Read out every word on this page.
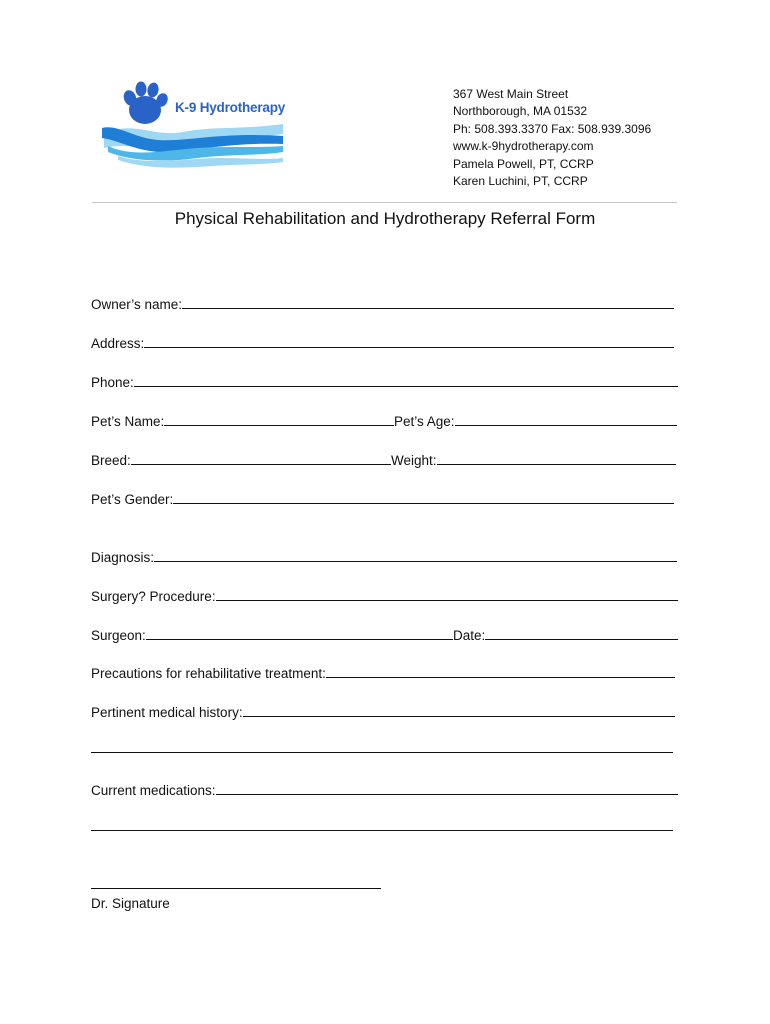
K-9 Hydrotherapy
367 West Main Street
Northborough, MA 01532
Ph: 508.393.3370 Fax: 508.939.3096
www.k-9hydrotherapy.com
Pamela Powell, PT, CCRP
Karen Luchini, PT, CCRP
Physical Rehabilitation and Hydrotherapy Referral Form
Owner’s name:
Address:
Phone:
Pet’s Name:	Pet’s Age:
Breed:	Weight:
Pet’s Gender:
Diagnosis:
Surgery? Procedure:
Surgeon:	Date:
Precautions for rehabilitative treatment:
Pertinent medical history:
Current medications:
Dr. Signature
